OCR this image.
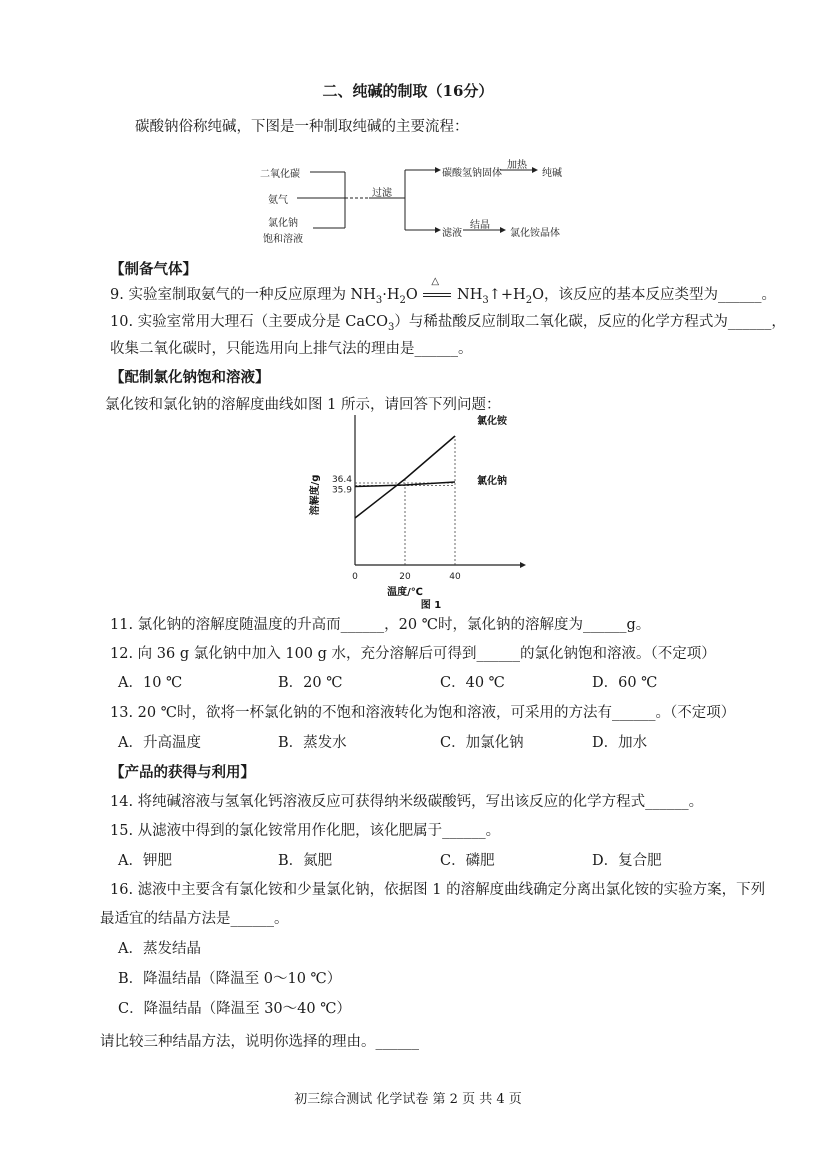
二、纯碱的制取（16分）
碳酸钠俗称纯碱，下图是一种制取纯碱的主要流程：
二氧化碳
氨气
氯化钠
饱和溶液
过滤
碳酸氢钠固体
加热
纯碱
滤液
结晶
氯化铵晶体
【制备气体】
9. 实验室制取氨气的一种反应原理为 $NH_3\cdot H_2O$
△
$NH_3↑+H_2O$，该反应的基本反应类型为______。
10. 实验室常用大理石（主要成分是 CaCO$_3$）与稀盐酸反应制取二氧化碳，反应的化学方程式为______，
收集二氧化碳时，只能选用向上排气法的理由是______。
【配制氯化钠饱和溶液】
氯化铵和氯化钠的溶解度曲线如图 1 所示，请回答下列问题：
0	20	40
36.4
35.9
氯化铵
氯化钠
溶解度/g
温度/℃
图 1
11. 氯化钠的溶解度随温度的升高而______，20 ℃时，氯化钠的溶解度为______g。
12. 向 36 g 氯化钠中加入 100 g 水，充分溶解后可得到______的氯化钠饱和溶液。（不定项）
A．10 ℃	B．20 ℃	C．40 ℃	D．60 ℃
13. 20 ℃时，欲将一杯氯化钠的不饱和溶液转化为饱和溶液，可采用的方法有______。（不定项）
A．升高温度	B．蒸发水	C．加氯化钠	D．加水
【产品的获得与利用】
14. 将纯碱溶液与氢氧化钙溶液反应可获得纳米级碳酸钙，写出该反应的化学方程式______。
15. 从滤液中得到的氯化铵常用作化肥，该化肥属于______。
A．钾肥	B．氮肥	C．磷肥	D．复合肥
16. 滤液中主要含有氯化铵和少量氯化钠，依据图 1 的溶解度曲线确定分离出氯化铵的实验方案，下列
最适宜的结晶方法是______。
A．蒸发结晶
B．降温结晶（降温至 0～10 ℃）
C．降温结晶（降温至 30～40 ℃）
请比较三种结晶方法，说明你选择的理由。______
初三综合测试 化学试卷 第 2 页 共 4 页
